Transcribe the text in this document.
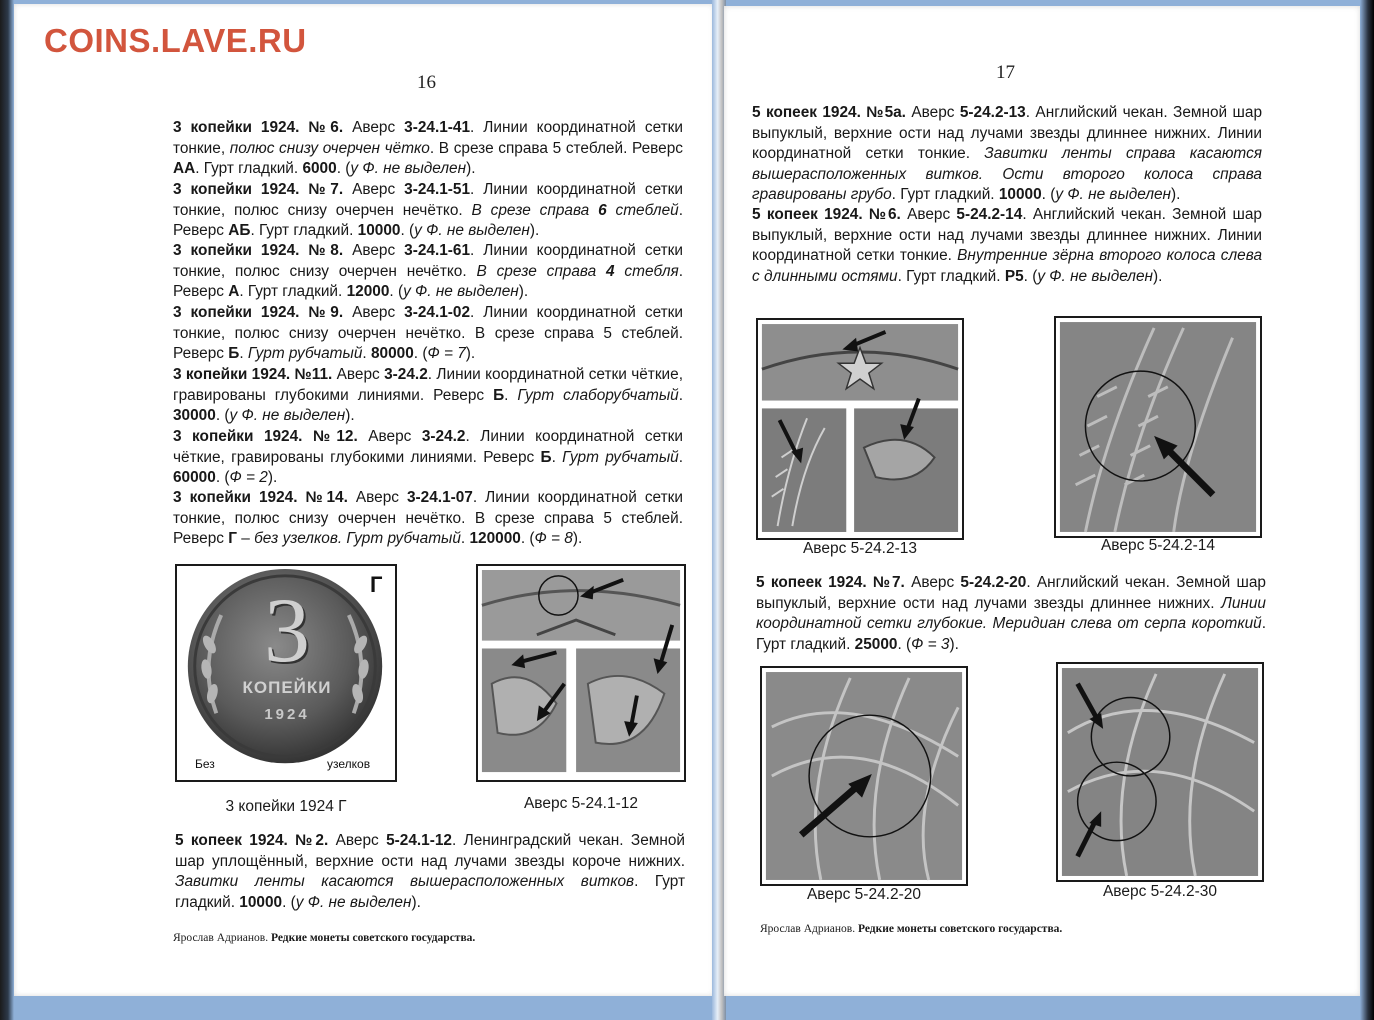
COINS.LAVE.RU
16
3 копейки 1924. №6. Аверс 3-24.1-41. Линии координатной сетки тонкие, полюс снизу очерчен чётко. В срезе справа 5 стеблей. Реверс АА. Гурт гладкий. 6000. (у Ф. не выделен).
3 копейки 1924. №7. Аверс 3-24.1-51. Линии координатной сетки тонкие, полюс снизу очерчен нечётко. В срезе справа 6 стеблей. Реверс АБ. Гурт гладкий. 10000. (у Ф. не выделен).
3 копейки 1924. №8. Аверс 3-24.1-61. Линии координатной сетки тонкие, полюс снизу очерчен нечётко. В срезе справа 4 стебля. Реверс А. Гурт гладкий. 12000. (у Ф. не выделен).
3 копейки 1924. №9. Аверс 3-24.1-02. Линии координатной сетки тонкие, полюс снизу очерчен нечётко. В срезе справа 5 стеблей. Реверс Б. Гурт рубчатый. 80000. (Ф = 7).
3 копейки 1924. №11. Аверс 3-24.2. Линии координатной сетки чёткие, гравированы глубокими линиями. Реверс Б. Гурт слаборубчатый. 30000. (у Ф. не выделен).
3 копейки 1924. №12. Аверс 3-24.2. Линии координатной сетки чёткие, гравированы глубокими линиями. Реверс Б. Гурт рубчатый. 60000. (Ф = 2).
3 копейки 1924. №14. Аверс 3-24.1-07. Линии координатной сетки тонкие, полюс снизу очерчен нечётко. В срезе справа 5 стеблей. Реверс Г – без узелков. Гурт рубчатый. 120000. (Ф = 8).
3
КОПЕЙКИ
1924
Г
Без	узелков
3 копейки 1924 Г	Аверс 5-24.1-12
5 копеек 1924. №2. Аверс 5-24.1-12. Ленинградский чекан. Земной шар уплощённый, верхние ости над лучами звезды короче нижних. Завитки ленты касаются вышерасположенных витков. Гурт гладкий. 10000. (у Ф. не выделен).
Ярослав Адрианов. Редкие монеты советского государства.
17
5 копеек 1924. №5а. Аверс 5-24.2-13. Английский чекан. Земной шар выпуклый, верхние ости над лучами звезды длиннее нижних. Линии координатной сетки тонкие. Завитки ленты справа касаются вышерасположенных витков. Ости второго колоса справа гравированы грубо. Гурт гладкий. 10000. (у Ф. не выделен).
5 копеек 1924. №6. Аверс 5-24.2-14. Английский чекан. Земной шар выпуклый, верхние ости над лучами звезды длиннее нижних. Линии координатной сетки тонкие. Внутренние зёрна второго колоса слева с длинными остями. Гурт гладкий. Р5. (у Ф. не выделен).
Аверс 5-24.2-13	Аверс 5-24.2-14
5 копеек 1924. №7. Аверс 5-24.2-20. Английский чекан. Земной шар выпуклый, верхние ости над лучами звезды длиннее нижних. Линии координатной сетки глубокие. Меридиан слева от серпа короткий. Гурт гладкий. 25000. (Ф = 3).
Аверс 5-24.2-20	Аверс 5-24.2-30
Ярослав Адрианов. Редкие монеты советского государства.
